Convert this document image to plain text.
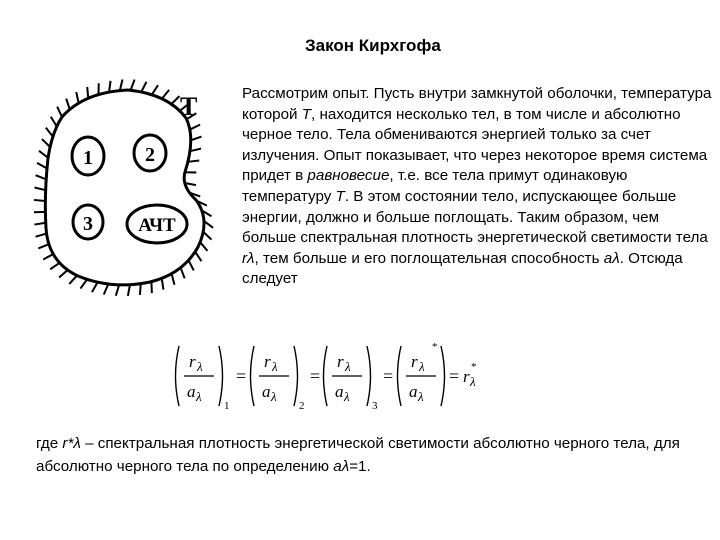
Закон Кирхгофа
T
1	2
3 АЧТ
Рассмотрим опыт. Пусть внутри замкнутой оболочки, температура которой T, находится несколько тел, в том числе и абсолютно черное тело. Тела обмениваются энергией только за счет излучения. Опыт показывает, что через некоторое время система придет в равновесие, т.е. все тела примут одинаковую температуру T. В этом состоянии тело, испускающее больше энергии, должно и больше поглощать. Таким образом, чем больше спектральная плотность энергетической светимости тела rλ, тем больше и его поглощательная способность aλ. Отсюда следует
r λ
a λ
1
=
r λ
a λ
2
=
r λ
a λ
3
=
r λ
a λ
*
= r λ
*
где r*λ – спектральная плотность энергетической светимости абсолютно черного тела, для абсолютно черного тела по определению aλ=1.
